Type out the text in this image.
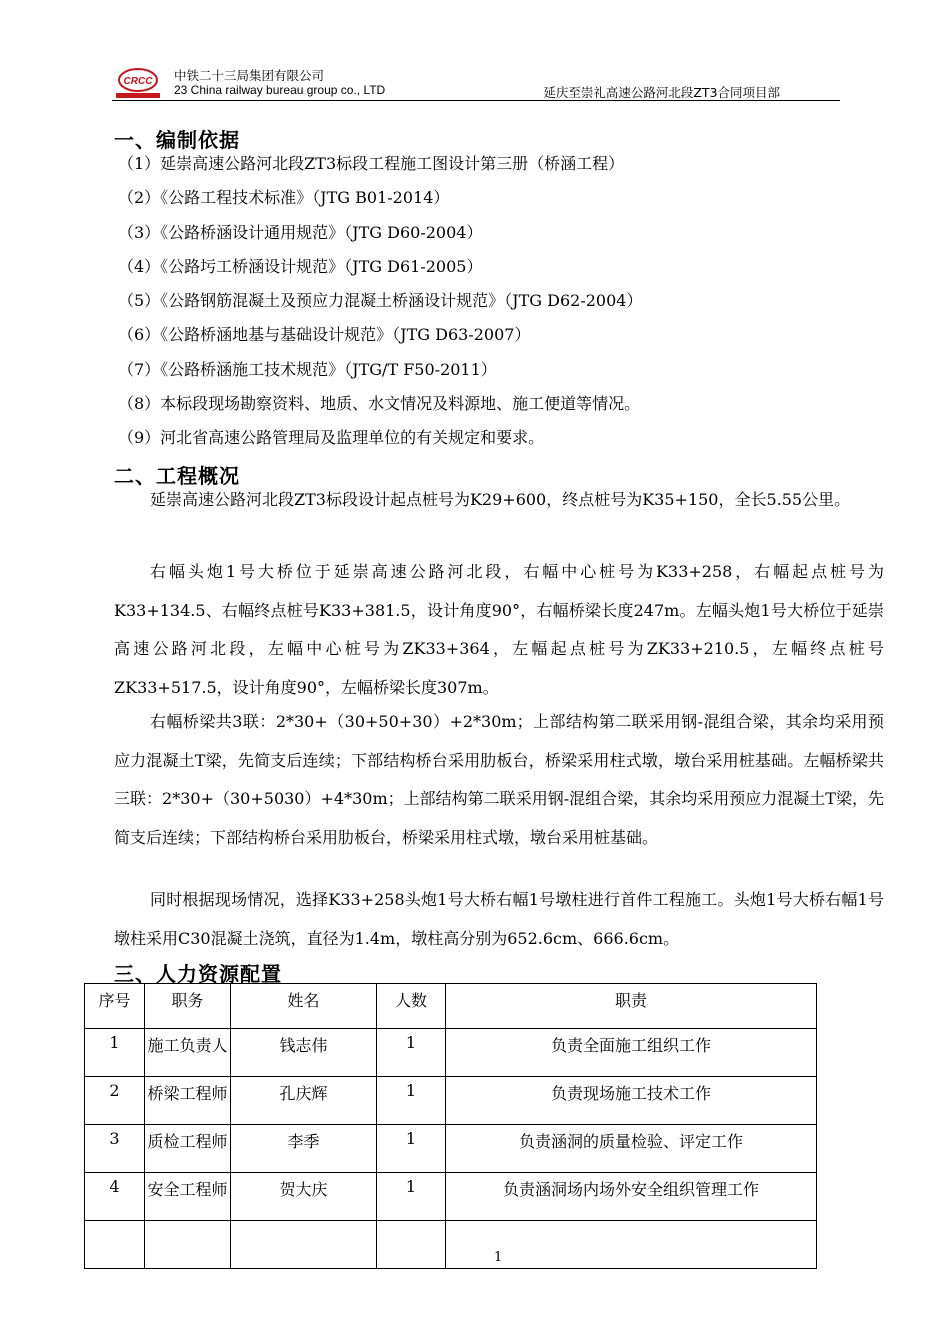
CRCC 中铁二十三局集团有限公司
23 China railway bureau group co., LTD	延庆至崇礼高速公路河北段ZT3合同项目部
一、编制依据
（1）延崇高速公路河北段ZT3标段工程施工图设计第三册（桥涵工程）
（2）《公路工程技术标准》（JTG B01-2014）
（3）《公路桥涵设计通用规范》（JTG D60-2004）
（4）《公路圬工桥涵设计规范》（JTG D61-2005）
（5）《公路钢筋混凝土及预应力混凝土桥涵设计规范》（JTG D62-2004）
（6）《公路桥涵地基与基础设计规范》（JTG D63-2007）
（7）《公路桥涵施工技术规范》（JTG/T F50-2011）
（8）本标段现场勘察资料、地质、水文情况及料源地、施工便道等情况。
（9）河北省高速公路管理局及监理单位的有关规定和要求。
二、工程概况

延崇高速公路河北段ZT3标段设计起点桩号为K29+600，终点桩号为K35+150，全长5.55公里。

右幅头炮1号大桥位于延崇高速公路河北段，右幅中心桩号为K33+258，右幅起点桩号为K33+134.5、右幅终点桩号K33+381.5，设计角度90°，右幅桥梁长度247m。左幅头炮1号大桥位于延崇高速公路河北段，左幅中心桩号为ZK33+364，左幅起点桩号为ZK33+210.5，左幅终点桩号ZK33+517.5，设计角度90°，左幅桥梁长度307m。

右幅桥梁共3联：2*30+（30+50+30）+2*30m；上部结构第二联采用钢-混组合梁，其余均采用预应力混凝土T梁，先简支后连续；下部结构桥台采用肋板台，桥梁采用柱式墩，墩台采用桩基础。左幅桥梁共三联：2*30+（30+5030）+4*30m；上部结构第二联采用钢-混组合梁，其余均采用预应力混凝土T梁，先简支后连续；下部结构桥台采用肋板台，桥梁采用柱式墩，墩台采用桩基础。

同时根据现场情况，选择K33+258头炮1号大桥右幅1号墩柱进行首件工程施工。头炮1号大桥右幅1号墩柱采用C30混凝土浇筑，直径为1.4m，墩柱高分别为652.6cm、666.6cm。

三、人力资源配置
序号	职务	姓名	人数	职责
1	施工负责人	钱志伟	1	负责全面施工组织工作
2	桥梁工程师	孔庆辉	1	负责现场施工技术工作
3	质检工程师	李季	1	负责涵洞的质量检验、评定工作
4	安全工程师	贺大庆	1	负责涵洞场内场外安全组织管理工作

1
